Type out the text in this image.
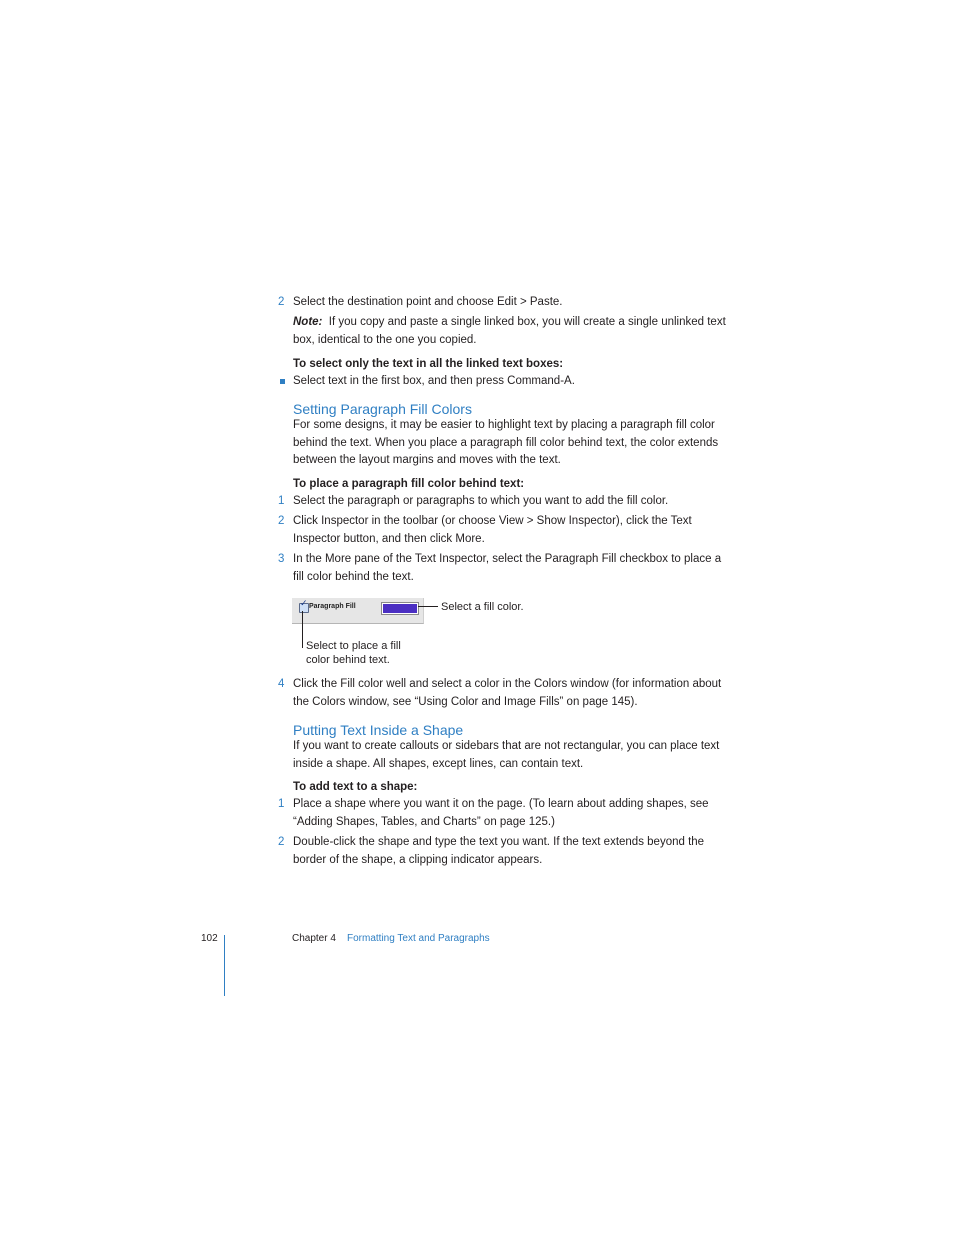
2 Select the destination point and choose Edit > Paste.
Note: If you copy and paste a single linked box, you will create a single unlinked text
box, identical to the one you copied.
To select only the text in all the linked text boxes:
Select text in the first box, and then press Command-A.
Setting Paragraph Fill Colors
For some designs, it may be easier to highlight text by placing a paragraph fill color
behind the text. When you place a paragraph fill color behind text, the color extends
between the layout margins and moves with the text.
To place a paragraph fill color behind text:
1 Select the paragraph or paragraphs to which you want to add the fill color.
2 Click Inspector in the toolbar (or choose View > Show Inspector), click the Text
Inspector button, and then click More.
3 In the More pane of the Text Inspector, select the Paragraph Fill checkbox to place a
fill color behind the text.
✓ Paragraph Fill	Select a fill color.
Select to place a fill
color behind text.
4 Click the Fill color well and select a color in the Colors window (for information about
the Colors window, see “Using Color and Image Fills” on page 145).
Putting Text Inside a Shape
If you want to create callouts or sidebars that are not rectangular, you can place text
inside a shape. All shapes, except lines, can contain text.
To add text to a shape:
1 Place a shape where you want it on the page. (To learn about adding shapes, see
“Adding Shapes, Tables, and Charts” on page 125.)
2 Double-click the shape and type the text you want. If the text extends beyond the
border of the shape, a clipping indicator appears.
102	Chapter 4 Formatting Text and Paragraphs
